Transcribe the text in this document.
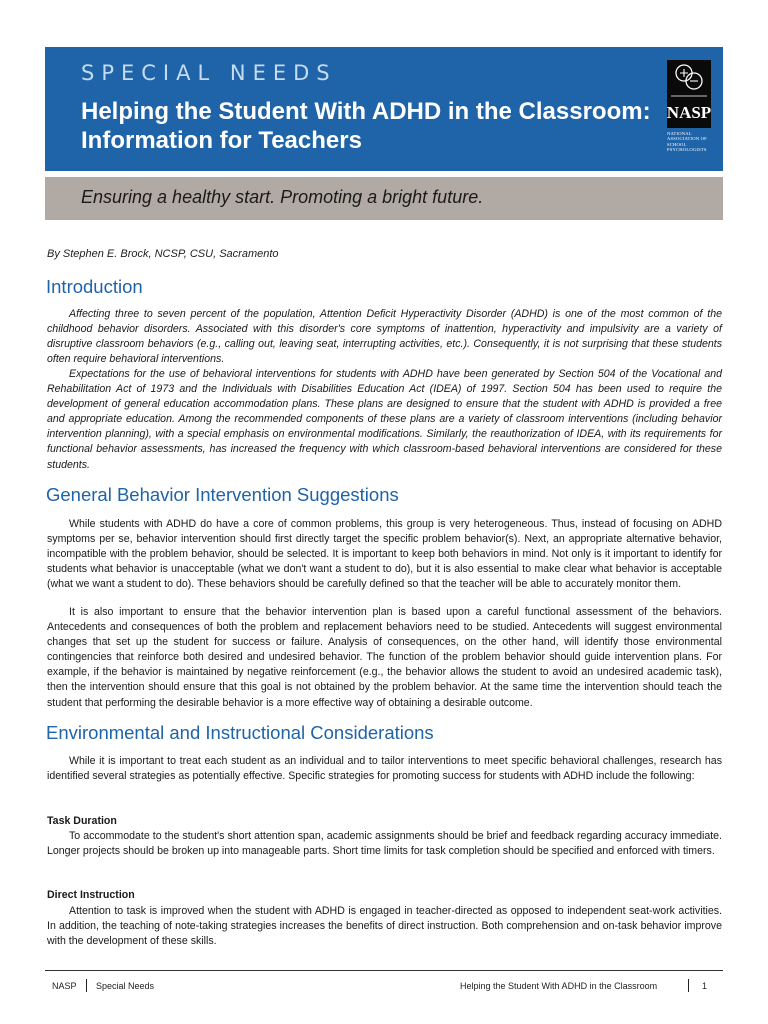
SPECIAL NEEDS
Helping the Student With ADHD in the Classroom:
Information for Teachers
NASP
NATIONAL
ASSOCIATION OF
SCHOOL
PSYCHOLOGISTS
Ensuring a healthy start. Promoting a bright future.
By Stephen E. Brock, NCSP, CSU, Sacramento
Introduction

Affecting three to seven percent of the population, Attention Deficit Hyperactivity Disorder (ADHD) is one of the most common of the childhood behavior disorders. Associated with this disorder's core symptoms of inattention, hyperactivity and impulsivity are a variety of disruptive classroom behaviors (e.g., calling out, leaving seat, interrupting activities, etc.). Consequently, it is not surprising that these students often require behavioral interventions.

Expectations for the use of behavioral interventions for students with ADHD have been generated by Section 504 of the Vocational and Rehabilitation Act of 1973 and the Individuals with Disabilities Education Act (IDEA) of 1997. Section 504 has been used to require the development of general education accommodation plans. These plans are designed to ensure that the student with ADHD is provided a free and appropriate education. Among the recommended components of these plans are a variety of classroom interventions (including behavior intervention planning), with a special emphasis on environmental modifications. Similarly, the reauthorization of IDEA, with its requirements for functional behavior assessments, has increased the frequency with which classroom-based behavioral interventions are considered for these students.

General Behavior Intervention Suggestions

While students with ADHD do have a core of common problems, this group is very heterogeneous. Thus, instead of focusing on ADHD symptoms per se, behavior intervention should first directly target the specific problem behavior(s). Next, an appropriate alternative behavior, incompatible with the problem behavior, should be selected. It is important to keep both behaviors in mind. Not only is it important to identify for students what behavior is unacceptable (what we don't want a student to do), but it is also essential to make clear what behavior is acceptable (what we want a student to do). These behaviors should be carefully defined so that the teacher will be able to accurately monitor them.

It is also important to ensure that the behavior intervention plan is based upon a careful functional assessment of the behaviors. Antecedents and consequences of both the problem and replacement behaviors need to be studied. Antecedents will suggest environmental changes that set up the student for success or failure. Analysis of consequences, on the other hand, will identify those environmental contingencies that reinforce both desired and undesired behavior. The function of the problem behavior should guide intervention plans. For example, if the behavior is maintained by negative reinforcement (e.g., the behavior allows the student to avoid an undesired academic task), then the intervention should ensure that this goal is not obtained by the problem behavior. At the same time the intervention should teach the student that performing the desirable behavior is a more effective way of obtaining a desirable outcome.

Environmental and Instructional Considerations

While it is important to treat each student as an individual and to tailor interventions to meet specific behavioral challenges, research has identified several strategies as potentially effective. Specific strategies for promoting success for students with ADHD include the following:

Task Duration

To accommodate to the student's short attention span, academic assignments should be brief and feedback regarding accuracy immediate. Longer projects should be broken up into manageable parts. Short time limits for task completion should be specified and enforced with timers.

Direct Instruction

Attention to task is improved when the student with ADHD is engaged in teacher-directed as opposed to independent seat-work activities. In addition, the teaching of note-taking strategies increases the benefits of direct instruction. Both comprehension and on-task behavior improve with the development of these skills.

NASP Special Needs	Helping the Student With ADHD in the Classroom	1
